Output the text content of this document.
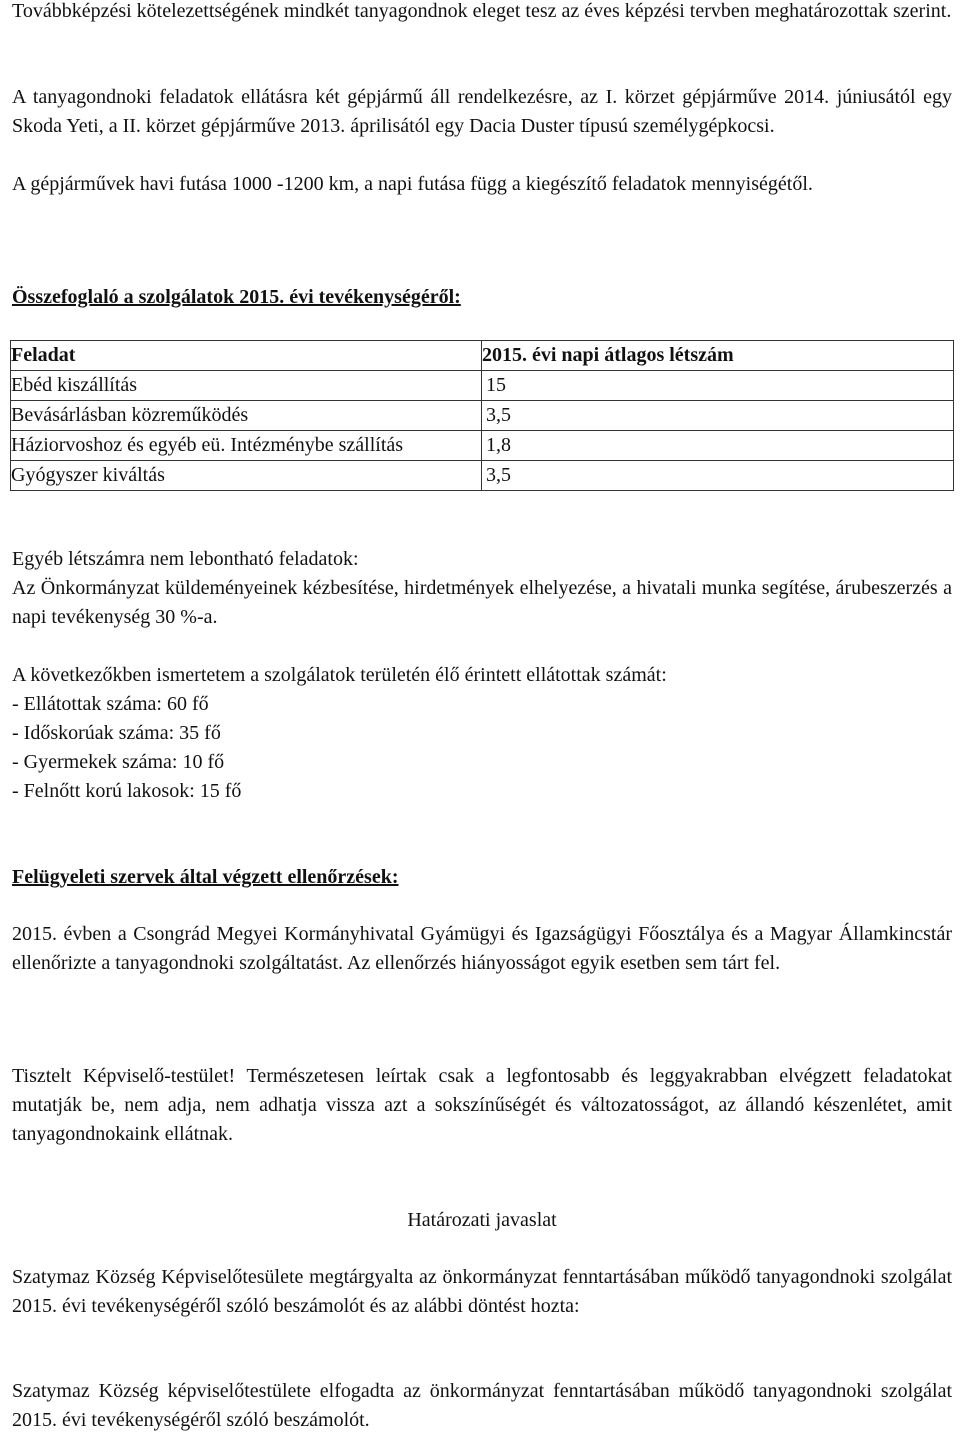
Továbbképzési kötelezettségének mindkét tanyagondnok eleget tesz az éves képzési tervben meghatározottak szerint.

A tanyagondnoki feladatok ellátásra két gépjármű áll rendelkezésre, az I. körzet gépjárműve 2014. júniusától egy Skoda Yeti, a II. körzet gépjárműve 2013. áprilisától egy Dacia Duster típusú személygépkocsi.

A gépjárművek havi futása 1000 -1200 km, a napi futása függ a kiegészítő feladatok mennyiségétől.

Összefoglaló a szolgálatok 2015. évi tevékenységéről:
Feladat	2015. évi napi átlagos létszám
Ebéd kiszállítás	15
Bevásárlásban közreműködés	3,5
Háziorvoshoz és egyéb eü. Intézménybe szállítás	1,8
Gyógyszer kiváltás	3,5

Egyéb létszámra nem lebontható feladatok:

Az Önkormányzat küldeményeinek kézbesítése, hirdetmények elhelyezése, a hivatali munka segítése, árubeszerzés a napi tevékenység 30 %-a.

A következőkben ismertetem a szolgálatok területén élő érintett ellátottak számát:

- Ellátottak száma: 60 fő
- Időskorúak száma: 35 fő
- Gyermekek száma: 10 fő
- Felnőtt korú lakosok: 15 fő
Felügyeleti szervek által végzett ellenőrzések:

2015. évben a Csongrád Megyei Kormányhivatal Gyámügyi és Igazságügyi Főosztálya és a Magyar Államkincstár ellenőrizte a tanyagondnoki szolgáltatást. Az ellenőrzés hiányosságot egyik esetben sem tárt fel.

Tisztelt Képviselő-testület! Természetesen leírtak csak a legfontosabb és leggyakrabban elvégzett feladatokat mutatják be, nem adja, nem adhatja vissza azt a sokszínűségét és változatosságot, az állandó készenlétet, amit tanyagondnokaink ellátnak.

Határozati javaslat

Szatymaz Község Képviselőtesülete megtárgyalta az önkormányzat fenntartásában működő tanyagondnoki szolgálat 2015. évi tevékenységéről szóló beszámolót és az alábbi döntést hozta:

Szatymaz Község képviselőtestülete elfogadta az önkormányzat fenntartásában működő tanyagondnoki szolgálat 2015. évi tevékenységéről szóló beszámolót.
